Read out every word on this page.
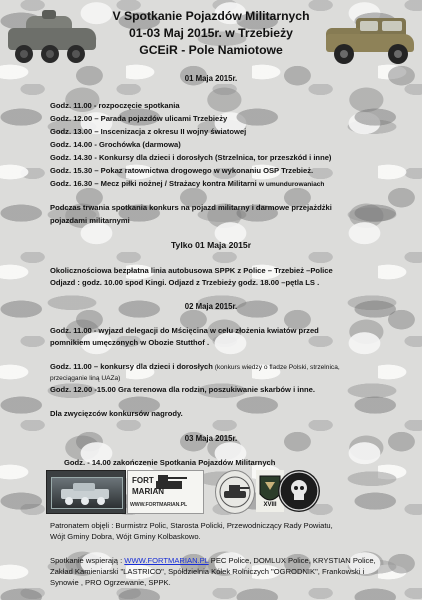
V Spotkanie Pojazdów Militarnych
01-03 Maj 2015r. w Trzebieży
GCEiR - Pole Namiotowe
01 Maja 2015r.
Godz. 11.00 - rozpoczęcie spotkania
Godz. 12.00 – Parada pojazdów ulicami Trzebieży
Godz. 13.00 – Inscenizacja z okresu II wojny światowej
Godz. 14.00 - Grochówka (darmowa)
Godz. 14.30 - Konkursy dla dzieci i dorosłych (Strzelnica, tor przeszkód i inne)
Godz. 15.30 – Pokaz ratownictwa drogowego w wykonaniu OSP Trzebież.
Godz. 16.30 – Mecz piłki nożnej / Strażacy kontra Militarni w umundurowaniach
Podczas trwania spotkania konkurs na pojazd militarny i darmowe przejażdżki
pojazdami militarnymi
Tylko 01 Maja 2015r
Okolicznościowa bezpłatna linia autobusowa SPPK z Police – Trzebież –Police
Odjazd : godz. 10.00 spod Kingi. Odjazd z Trzebieży godz. 18.00 –pętla LS .
02 Maja 2015r.
Godz. 11.00 - wyjazd delegacji do Mścięcina w celu złożenia kwiatów przed
pomnikiem umęczonych w Obozie Stutthof .
Godz. 11.00 – konkursy dla dzieci i dorosłych (konkurs wiedzy o fladze Polski, strzelnica,
przeciąganie liną UAZa)
Godz. 12.00 -15.00 Gra terenowa dla rodzin, poszukiwanie skarbów i inne.
Dla zwycięzców konkursów nagrody.
03 Maja 2015r.
Godz. - 14.00 zakończenie Spotkania Pojazdów Militarnych
FORT
MARIAN
WWW.FORTMARIAN.PL	XVIII
Patronatem objęli : Burmistrz Polic, Starosta Policki, Przewodniczący Rady Powiatu,
Wójt Gminy Dobra, Wójt Gminy Kolbaskowo.
Spotkanie wspierają : WWW.FORTMARIAN.PL PEC Police, DOMLUX Police, KRYSTIAN Police,
Zakład Kamieniarski "LASTRICO", Spółdzielnia Kółek Rolniczych "OGRODNIK", Frankowski i
Synowie , PRO Ogrzewanie, SPPK.
